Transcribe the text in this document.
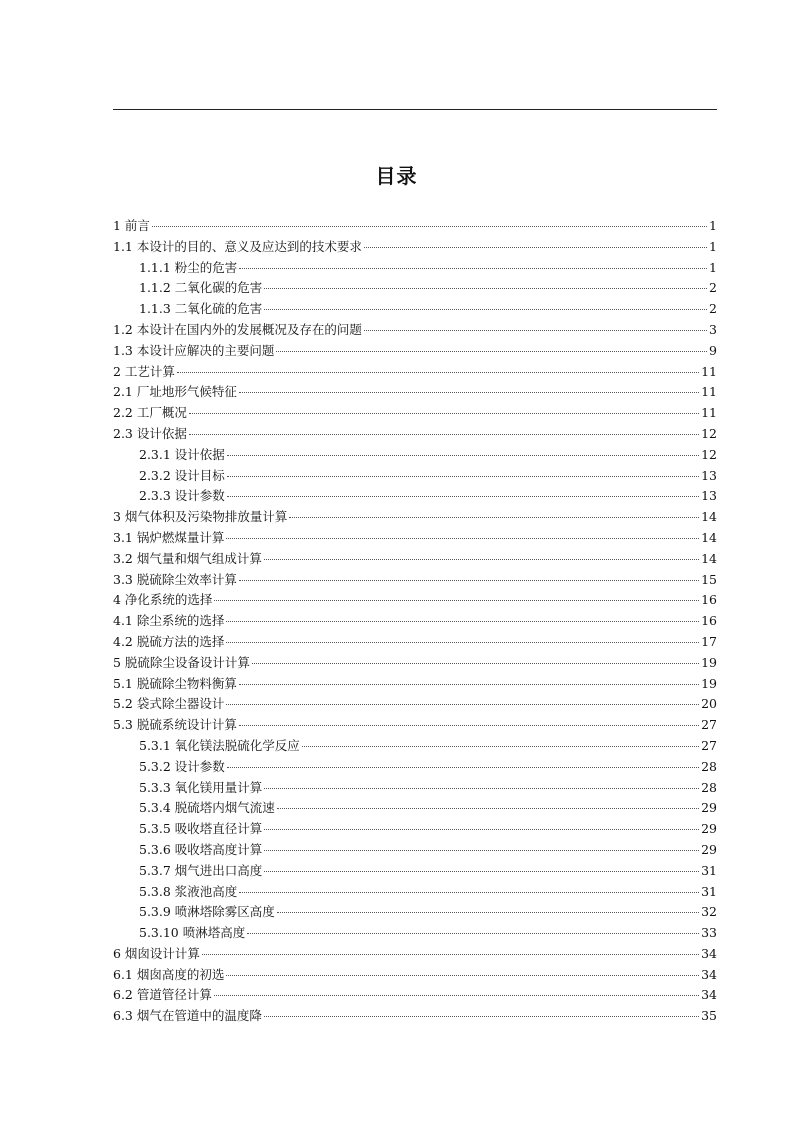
目录
1 前言	1
1.1 本设计的目的、意义及应达到的技术要求	1
1.1.1 粉尘的危害	1
1.1.2 二氧化碳的危害	2
1.1.3 二氧化硫的危害	2
1.2 本设计在国内外的发展概况及存在的问题	3
1.3 本设计应解决的主要问题	9
2 工艺计算	11
2.1 厂址地形气候特征	11
2.2 工厂概况	11
2.3 设计依据	12
2.3.1 设计依据	12
2.3.2 设计目标	13
2.3.3 设计参数	13
3 烟气体积及污染物排放量计算	14
3.1 锅炉燃煤量计算	14
3.2 烟气量和烟气组成计算	14
3.3 脱硫除尘效率计算	15
4 净化系统的选择	16
4.1 除尘系统的选择	16
4.2 脱硫方法的选择	17
5 脱硫除尘设备设计计算	19
5.1 脱硫除尘物料衡算	19
5.2 袋式除尘器设计	20
5.3 脱硫系统设计计算	27
5.3.1 氧化镁法脱硫化学反应	27
5.3.2 设计参数	28
5.3.3 氧化镁用量计算	28
5.3.4 脱硫塔内烟气流速	29
5.3.5 吸收塔直径计算	29
5.3.6 吸收塔高度计算	29
5.3.7 烟气进出口高度	31
5.3.8 浆液池高度	31
5.3.9 喷淋塔除雾区高度	32
5.3.10 喷淋塔高度	33
6 烟囱设计计算	34
6.1 烟囱高度的初选	34
6.2 管道管径计算	34
6.3 烟气在管道中的温度降	35
